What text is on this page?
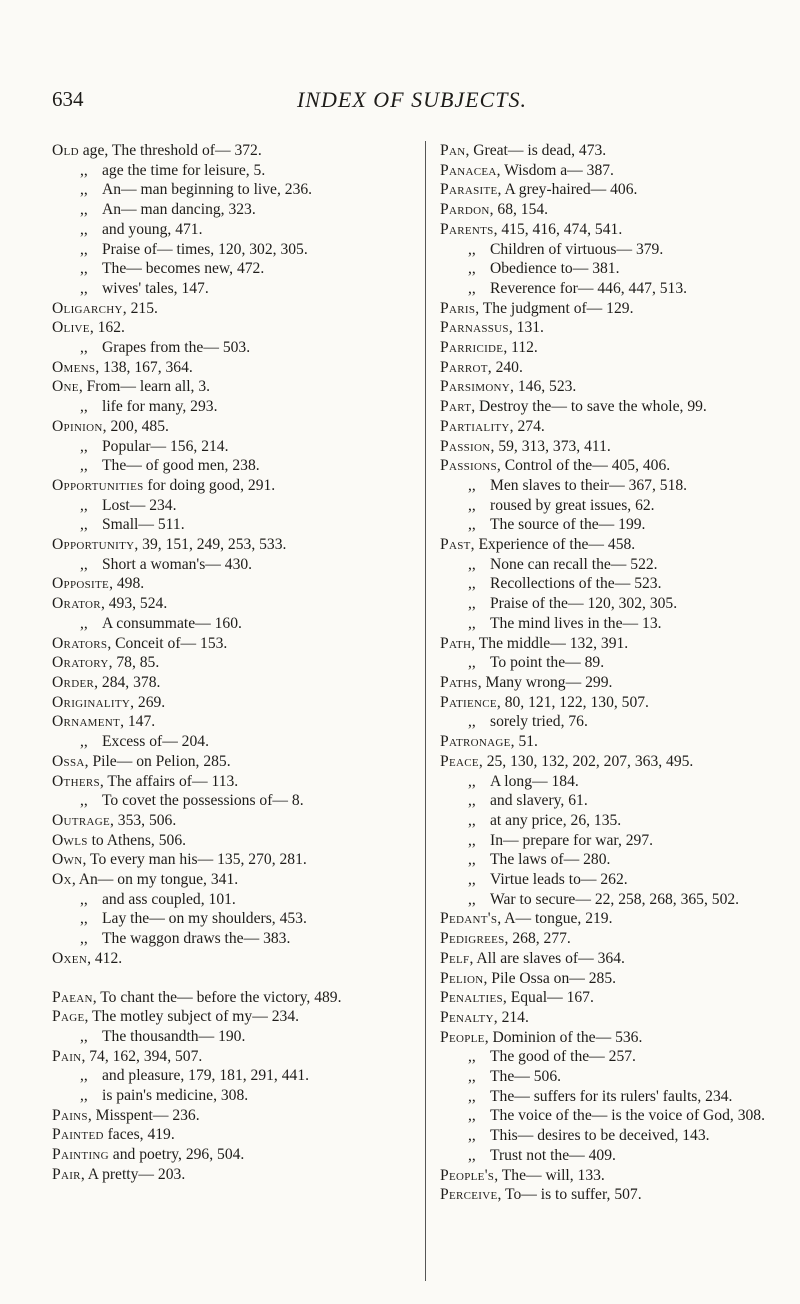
634	INDEX OF SUBJECTS.

Old age, The threshold of— 372.

,, age the time for leisure, 5.

,, An— man beginning to live, 236.

,, An— man dancing, 323.

,, and young, 471.

,, Praise of— times, 120, 302, 305.

,, The— becomes new, 472.

,, wives' tales, 147.

Oligarchy, 215.

Olive, 162.

,, Grapes from the— 503.

Omens, 138, 167, 364.

One, From— learn all, 3.

,, life for many, 293.

Opinion, 200, 485.

,, Popular— 156, 214.

,, The— of good men, 238.

Opportunities for doing good, 291.

,, Lost— 234.

,, Small— 511.

Opportunity, 39, 151, 249, 253, 533.

,, Short a woman's— 430.

Opposite, 498.

Orator, 493, 524.

,, A consummate— 160.

Orators, Conceit of— 153.

Oratory, 78, 85.

Order, 284, 378.

Originality, 269.

Ornament, 147.

,, Excess of— 204.

Ossa, Pile— on Pelion, 285.

Others, The affairs of— 113.

,, To covet the possessions of— 8.

Outrage, 353, 506.

Owls to Athens, 506.

Own, To every man his— 135, 270, 281.

Ox, An— on my tongue, 341.

,, and ass coupled, 101.

,, Lay the— on my shoulders, 453.

,, The waggon draws the— 383.

Oxen, 412.

Paean, To chant the— before the victory, 489.

Page, The motley subject of my— 234.

,, The thousandth— 190.

Pain, 74, 162, 394, 507.

,, and pleasure, 179, 181, 291, 441.

,, is pain's medicine, 308.

Pains, Misspent— 236.

Painted faces, 419.

Painting and poetry, 296, 504.

Pair, A pretty— 203.

Pan, Great— is dead, 473.

Panacea, Wisdom a— 387.

Parasite, A grey-haired— 406.

Pardon, 68, 154.

Parents, 415, 416, 474, 541.

,, Children of virtuous— 379.

,, Obedience to— 381.

,, Reverence for— 446, 447, 513.

Paris, The judgment of— 129.

Parnassus, 131.

Parricide, 112.

Parrot, 240.

Parsimony, 146, 523.

Part, Destroy the— to save the whole, 99.

Partiality, 274.

Passion, 59, 313, 373, 411.

Passions, Control of the— 405, 406.

,, Men slaves to their— 367, 518.

,, roused by great issues, 62.

,, The source of the— 199.

Past, Experience of the— 458.

,, None can recall the— 522.

,, Recollections of the— 523.

,, Praise of the— 120, 302, 305.

,, The mind lives in the— 13.

Path, The middle— 132, 391.

,, To point the— 89.

Paths, Many wrong— 299.

Patience, 80, 121, 122, 130, 507.

,, sorely tried, 76.

Patronage, 51.

Peace, 25, 130, 132, 202, 207, 363, 495.

,, A long— 184.

,, and slavery, 61.

,, at any price, 26, 135.

,, In— prepare for war, 297.

,, The laws of— 280.

,, Virtue leads to— 262.

,, War to secure— 22, 258, 268, 365, 502.

Pedant's, A— tongue, 219.

Pedigrees, 268, 277.

Pelf, All are slaves of— 364.

Pelion, Pile Ossa on— 285.

Penalties, Equal— 167.

Penalty, 214.

People, Dominion of the— 536.

,, The good of the— 257.

,, The— 506.

,, The— suffers for its rulers' faults, 234.

,, The voice of the— is the voice of God, 308.

,, This— desires to be deceived, 143.

,, Trust not the— 409.

People's, The— will, 133.

Perceive, To— is to suffer, 507.
